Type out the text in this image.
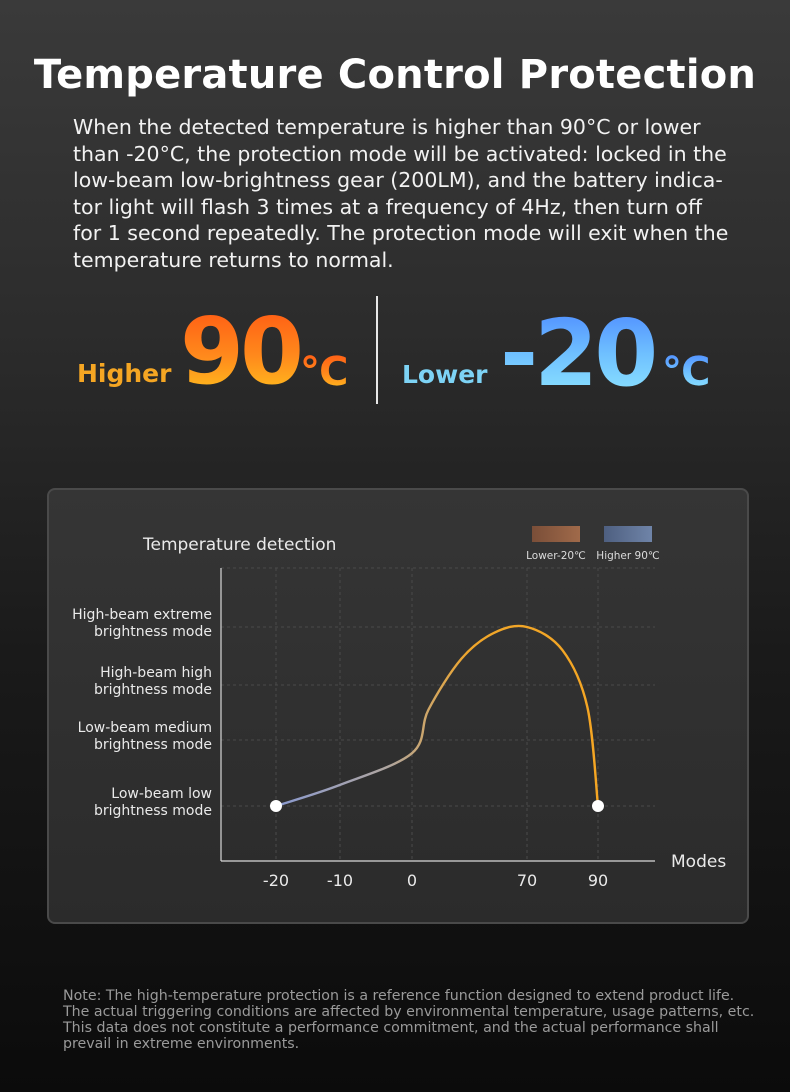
Temperature Control Protection

When the detected temperature is higher than 90°C or lower than -20°C, the protection mode will be activated: locked in the low-beam low-brightness gear (200LM), and the battery indica-tor light will flash 3 times at a frequency of 4Hz, then turn off for 1 second repeatedly. The protection mode will exit when the temperature returns to normal.

Higher 90 ℃ Lower -20 ℃
Temperature detection
Lower-20℃ Higher 90℃
-20 -10	0	70	90
Low-beam low brightness mode
Low-beam medium brightness mode
High-beam high brightness mode
High-beam extreme brightness mode
Modes

Note: The high-temperature protection is a reference function designed to extend product life. The actual triggering conditions are affected by environmental temperature, usage patterns, etc. This data does not constitute a performance commitment, and the actual performance shall prevail in extreme environments.
